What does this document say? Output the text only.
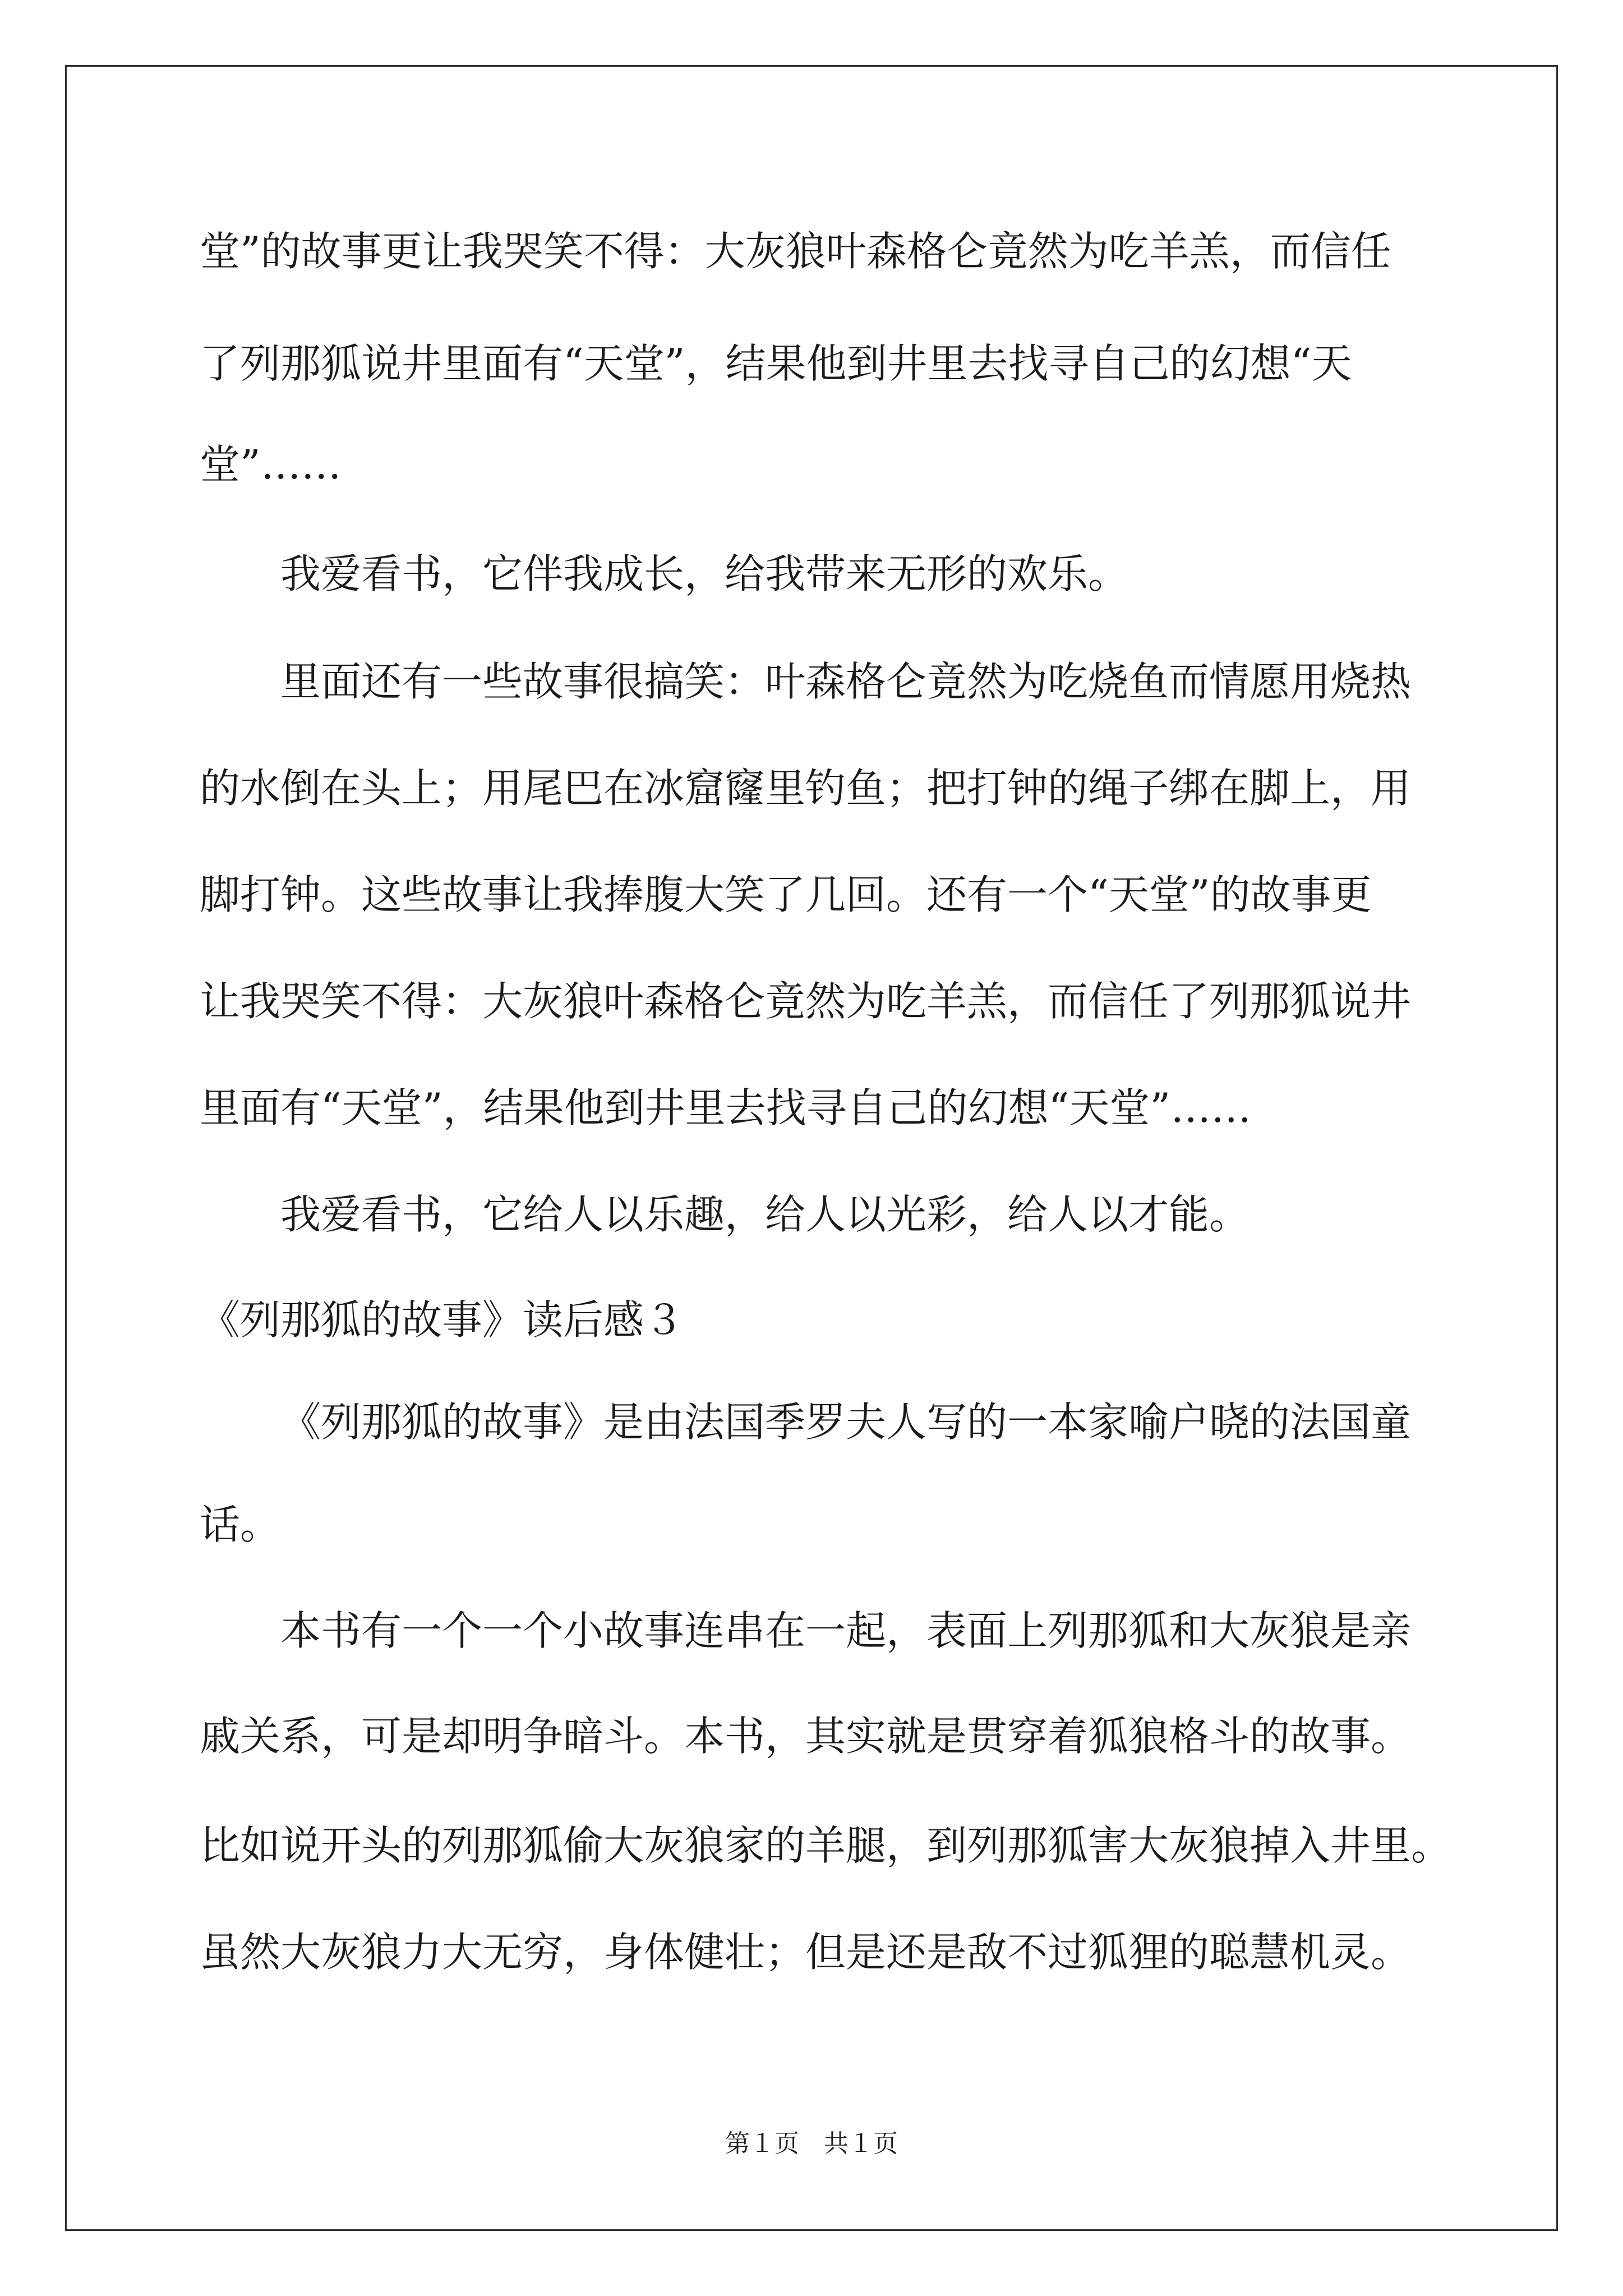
堂”的故事更让我哭笑不得：大灰狼叶森格仑竟然为吃羊羔，而信任

了列那狐说井里面有“天堂”，结果他到井里去找寻自己的幻想“天

堂”……

我爱看书，它伴我成长，给我带来无形的欢乐。

里面还有一些故事很搞笑：叶森格仑竟然为吃烧鱼而情愿用烧热

的水倒在头上；用尾巴在冰窟窿里钓鱼；把打钟的绳子绑在脚上，用

脚打钟。这些故事让我捧腹大笑了几回。还有一个“天堂”的故事更

让我哭笑不得：大灰狼叶森格仑竟然为吃羊羔，而信任了列那狐说井

里面有“天堂”，结果他到井里去找寻自己的幻想“天堂”……

我爱看书，它给人以乐趣，给人以光彩，给人以才能。

《列那狐的故事》读后感３

《列那狐的故事》是由法国季罗夫人写的一本家喻户晓的法国童

话。

本书有一个一个小故事连串在一起，表面上列那狐和大灰狼是亲

戚关系，可是却明争暗斗。本书，其实就是贯穿着狐狼格斗的故事。

比如说开头的列那狐偷大灰狼家的羊腿，到列那狐害大灰狼掉入井里。

虽然大灰狼力大无穷，身体健壮；但是还是敌不过狐狸的聪慧机灵。

第１页　共１页
